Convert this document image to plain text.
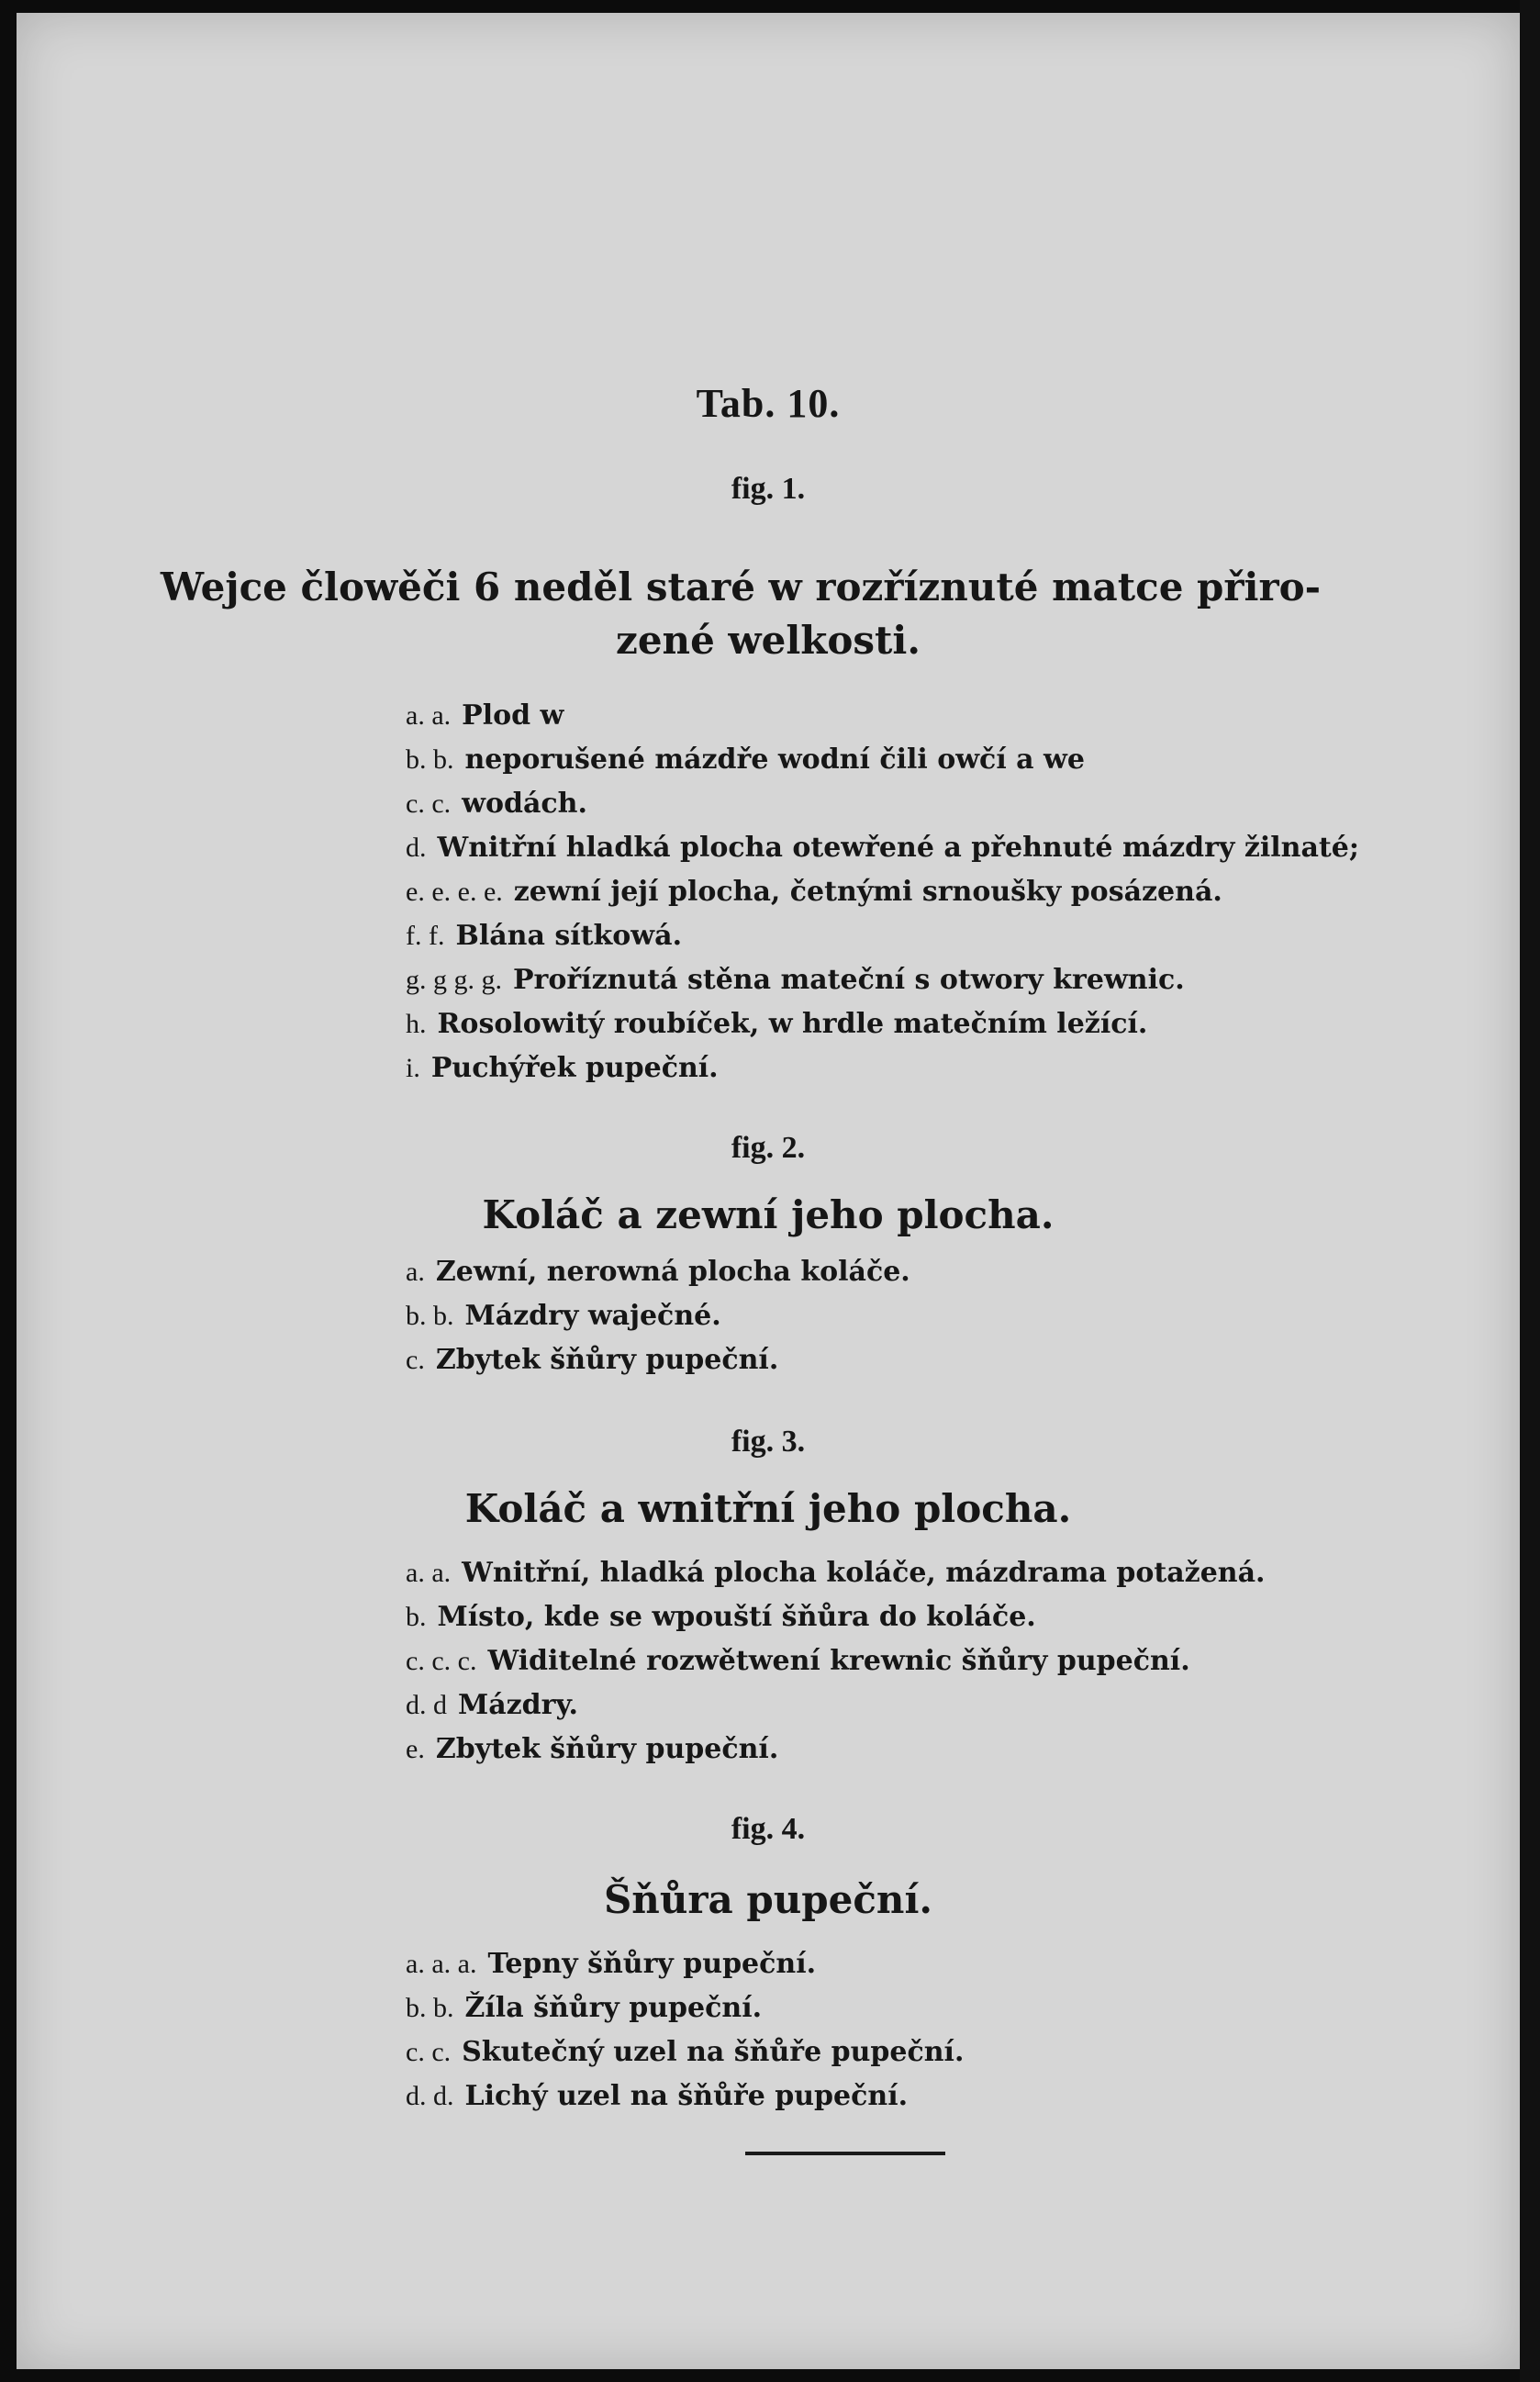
Tab. 10.
fig. 1.
Wejce člowěči 6 neděl staré w rozříznuté matce přiro-
zené welkosti.
a. a. Plod w
b. b. neporušené mázdře wodní čili owčí a we
c. c. wodách.
d. Wnitřní hladká plocha otewřené a přehnuté mázdry žilnaté;
e. e. e. e. zewní její plocha, četnými srnoušky posázená.
f. f. Blána sítkowá.
g. g g. g. Proříznutá stěna mateční s otwory krewnic.
h. Rosolowitý roubíček, w hrdle matečním ležící.
i. Puchýřek pupeční.
fig. 2.
Koláč a zewní jeho plocha.
a. Zewní, nerowná plocha koláče.
b. b. Mázdry waječné.
c. Zbytek šňůry pupeční.
fig. 3.
Koláč a wnitřní jeho plocha.
a. a. Wnitřní, hladká plocha koláče, mázdrama potažená.
b. Místo, kde se wpouští šňůra do koláče.
c. c. c. Widitelné rozwětwení krewnic šňůry pupeční.
d. d Mázdry.
e. Zbytek šňůry pupeční.
fig. 4.
Šňůra pupeční.
a. a. a. Tepny šňůry pupeční.
b. b. Žíla šňůry pupeční.
c. c. Skutečný uzel na šňůře pupeční.
d. d. Lichý uzel na šňůře pupeční.
